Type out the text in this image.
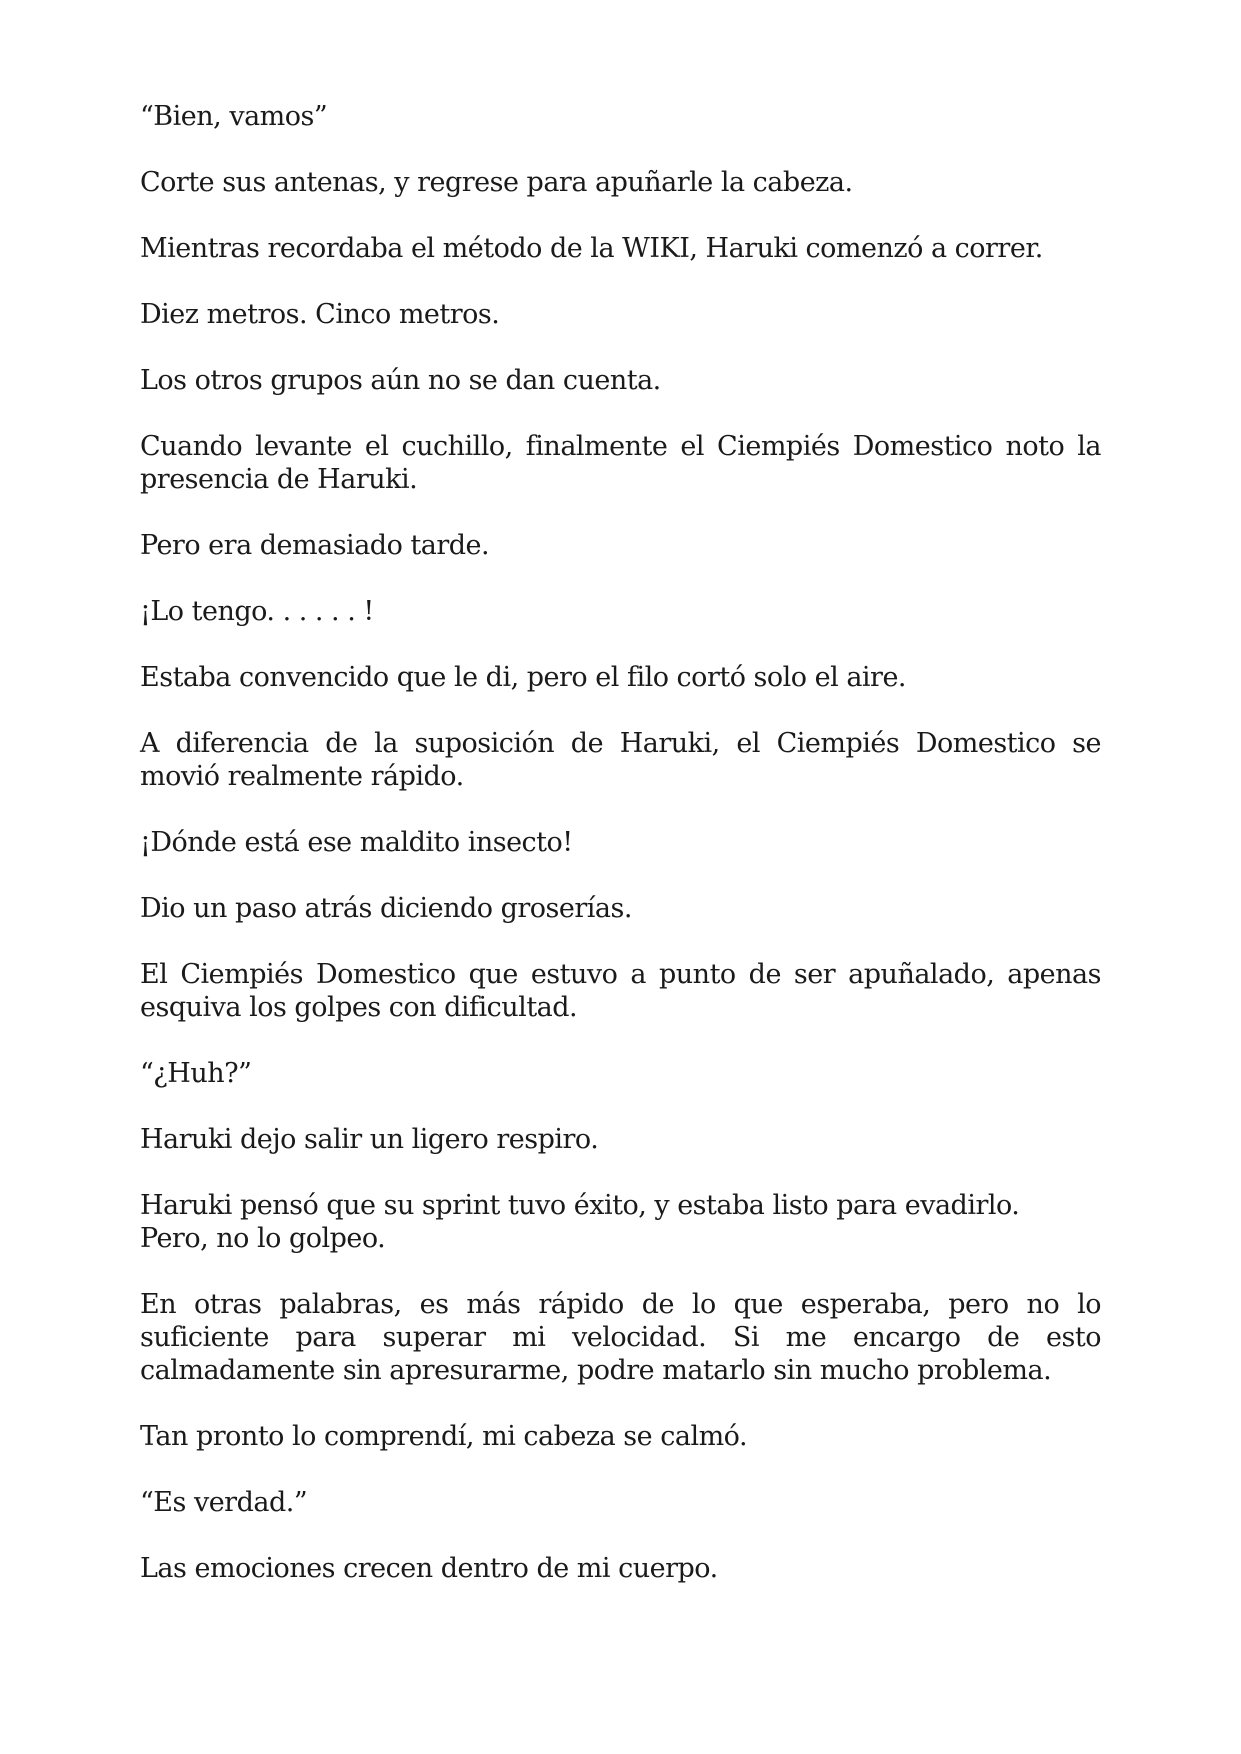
“Bien, vamos”

Corte sus antenas, y regrese para apuñarle la cabeza.

Mientras recordaba el método de la WIKI, Haruki comenzó a correr.

Diez metros. Cinco metros.

Los otros grupos aún no se dan cuenta.

Cuando levante el cuchillo, finalmente el Ciempiés Domestico noto la presencia de Haruki.

Pero era demasiado tarde.

¡Lo tengo. . . . . . !

Estaba convencido que le di, pero el filo cortó solo el aire.

A diferencia de la suposición de Haruki, el Ciempiés Domestico se movió realmente rápido.

¡Dónde está ese maldito insecto!

Dio un paso atrás diciendo groserías.

El Ciempiés Domestico que estuvo a punto de ser apuñalado, apenas esquiva los golpes con dificultad.

“¿Huh?”

Haruki dejo salir un ligero respiro.

Haruki pensó que su sprint tuvo éxito, y estaba listo para evadirlo.
Pero, no lo golpeo.

En otras palabras, es más rápido de lo que esperaba, pero no lo suficiente para superar mi velocidad. Si me encargo de esto calmadamente sin apresurarme, podre matarlo sin mucho problema.

Tan pronto lo comprendí, mi cabeza se calmó.

“Es verdad.”

Las emociones crecen dentro de mi cuerpo.
